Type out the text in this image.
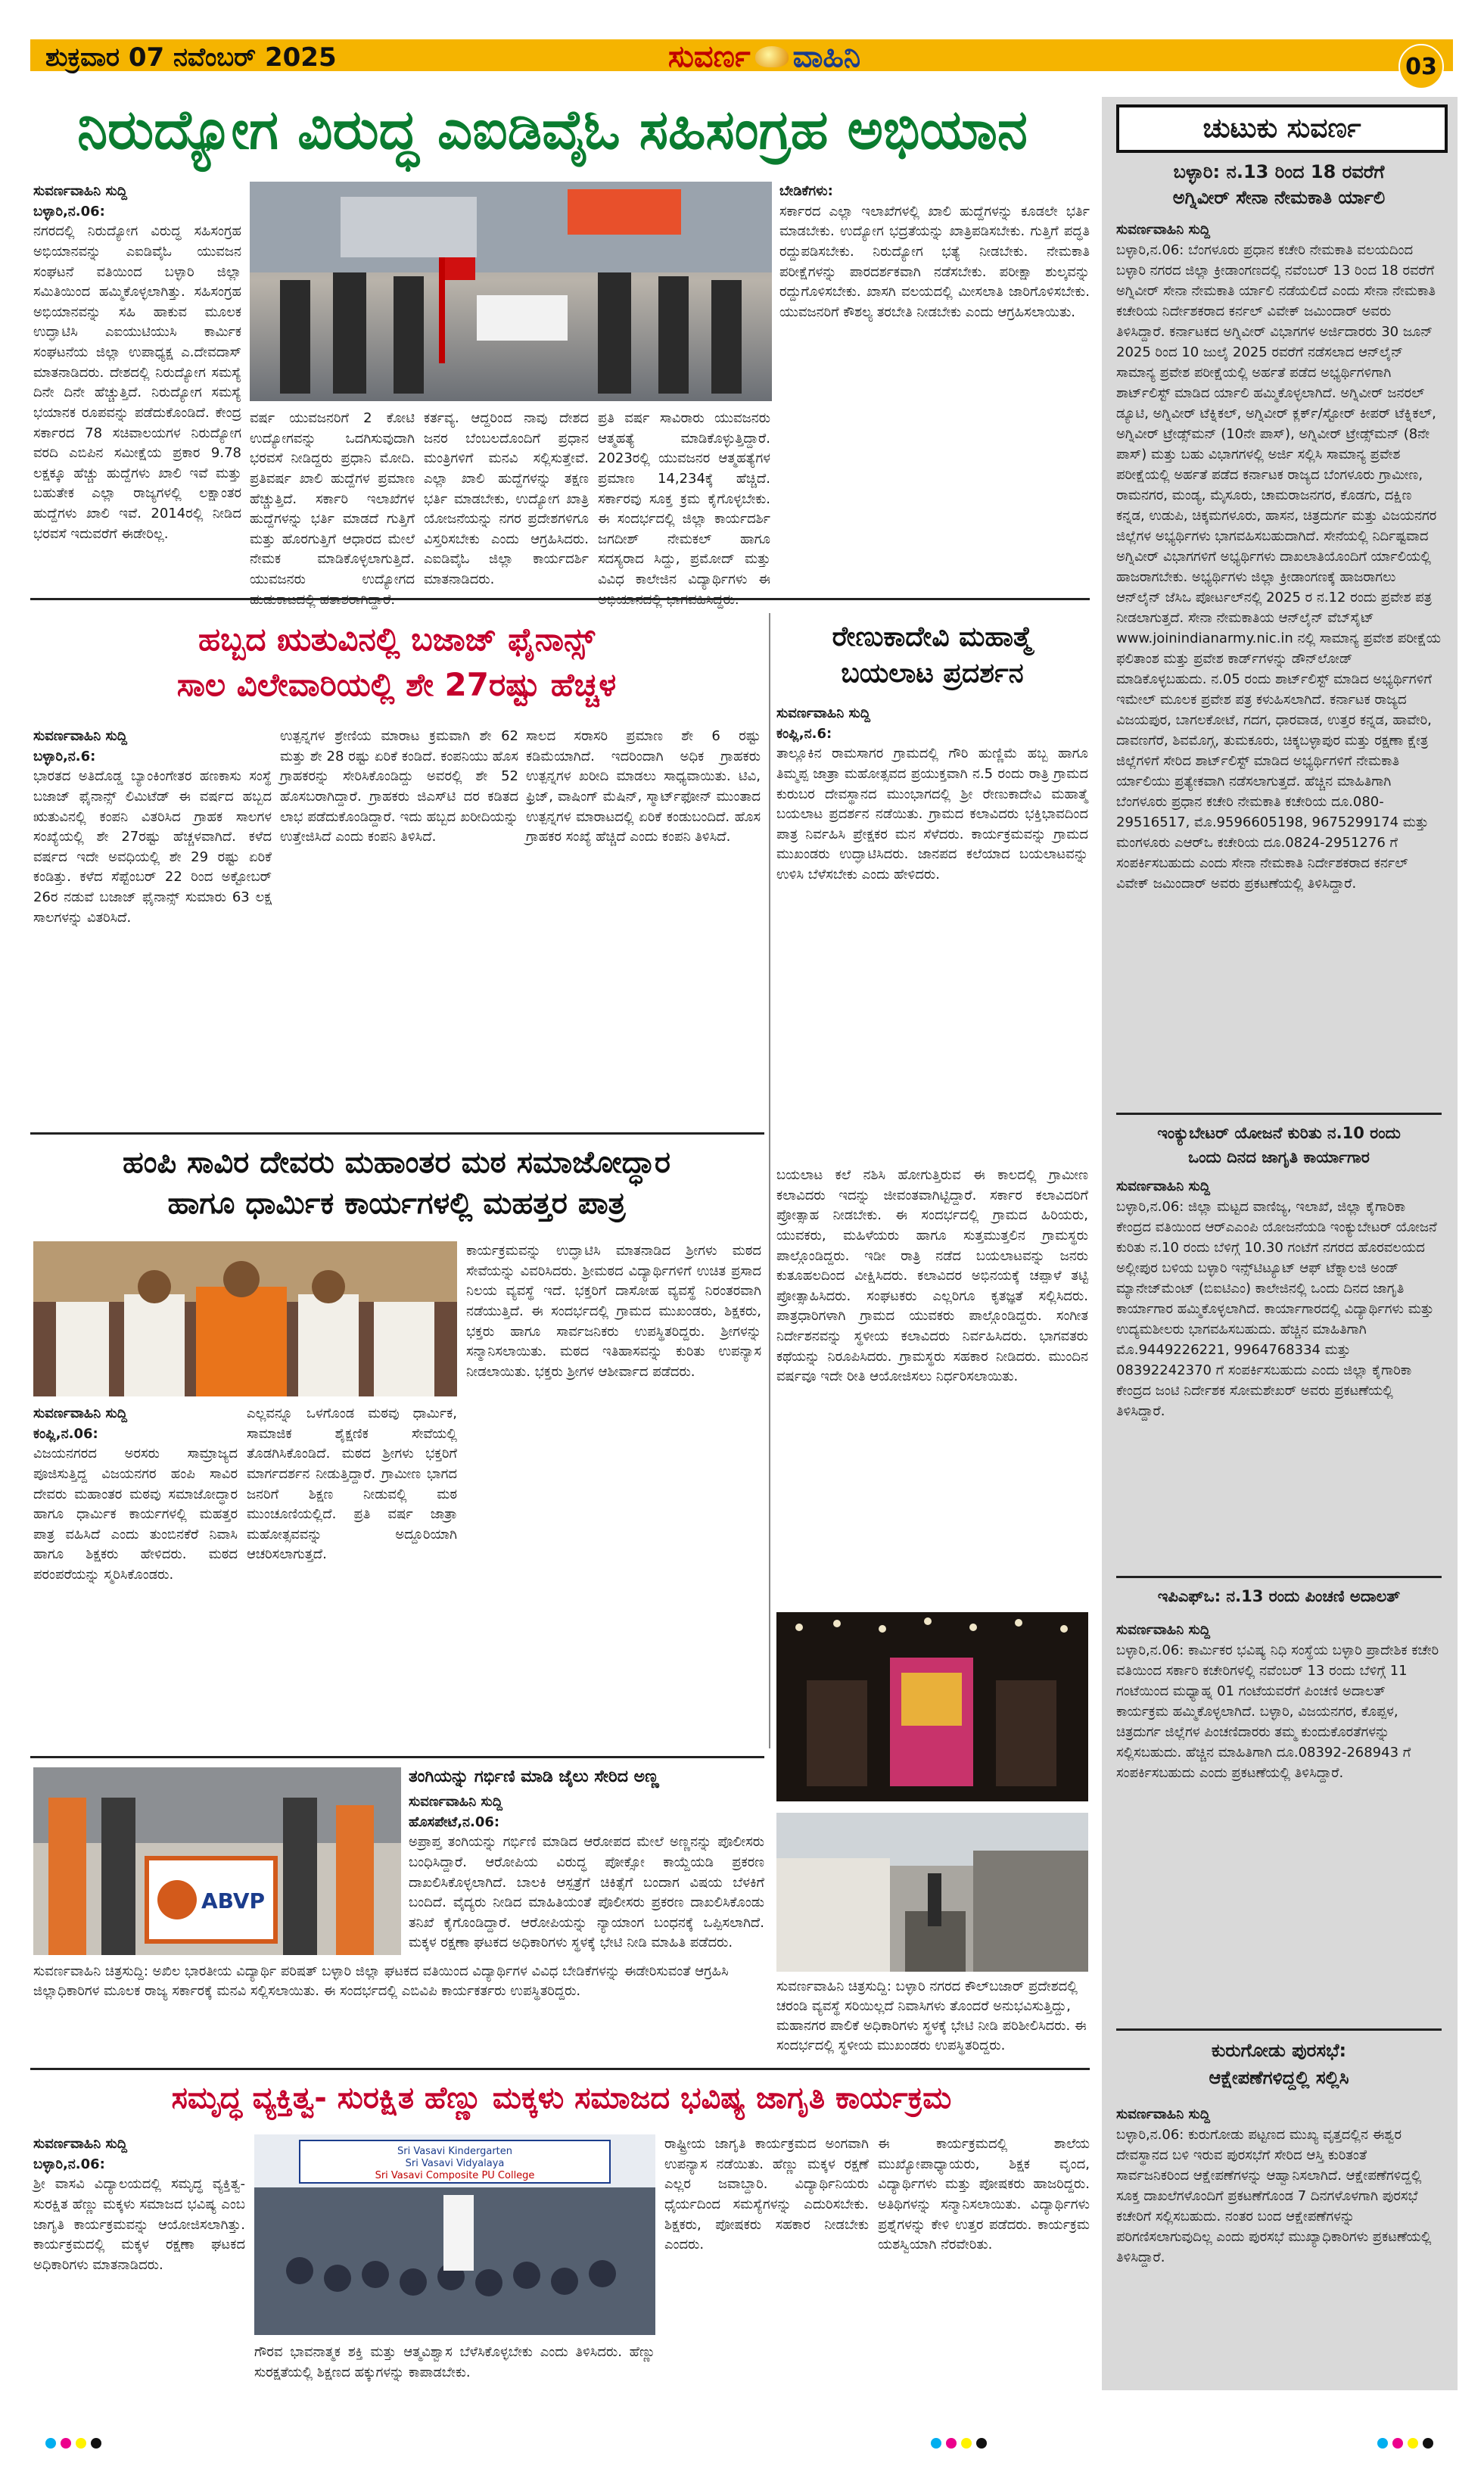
ಶುಕ್ರವಾರ 07 ನವೆಂಬರ್ 2025	ಸುವರ್ಣ ವಾಹಿನಿ	03
ನಿರುದ್ಯೋಗ ವಿರುದ್ಧ ಎಐಡಿವೈಓ ಸಹಿಸಂಗ್ರಹ ಅಭಿಯಾನ
ಸುವರ್ಣವಾಹಿನಿ ಸುದ್ದಿ
ಬಳ್ಳಾರಿ,ನ.06:
ನಗರದಲ್ಲಿ ನಿರುದ್ಯೋಗ ವಿರುದ್ಧ ಸಹಿಸಂಗ್ರಹ ಅಭಿಯಾನವನ್ನು ಎಐಡಿವೈಓ ಯುವಜನ ಸಂಘಟನೆ ವತಿಯಿಂದ ಬಳ್ಳಾರಿ ಜಿಲ್ಲಾ ಸಮಿತಿಯಿಂದ ಹಮ್ಮಿಕೊಳ್ಳಲಾಗಿತ್ತು. ಸಹಿಸಂಗ್ರಹ ಅಭಿಯಾನವನ್ನು ಸಹಿ ಹಾಕುವ ಮೂಲಕ ಉದ್ಘಾಟಿಸಿ ಎಐಯುಟಿಯುಸಿ ಕಾರ್ಮಿಕ ಸಂಘಟನೆಯ ಜಿಲ್ಲಾ ಉಪಾಧ್ಯಕ್ಷ ಎ.ದೇವದಾಸ್ ಮಾತನಾಡಿದರು. ದೇಶದಲ್ಲಿ ನಿರುದ್ಯೋಗ ಸಮಸ್ಯೆ ದಿನೇ ದಿನೇ ಹೆಚ್ಚುತ್ತಿದೆ. ನಿರುದ್ಯೋಗ ಸಮಸ್ಯೆ ಭಯಾನಕ ರೂಪವನ್ನು ಪಡೆದುಕೊಂಡಿದೆ. ಕೇಂದ್ರ ಸರ್ಕಾರದ 78 ಸಚಿವಾಲಯಗಳ ನಿರುದ್ಯೋಗ ವರದಿ ಎಬಿಪಿನ ಸಮೀಕ್ಷೆಯ ಪ್ರಕಾರ 9.78 ಲಕ್ಷಕ್ಕೂ ಹೆಚ್ಚು ಹುದ್ದೆಗಳು ಖಾಲಿ ಇವೆ ಮತ್ತು ಬಹುತೇಕ ಎಲ್ಲಾ ರಾಜ್ಯಗಳಲ್ಲಿ ಲಕ್ಷಾಂತರ ಹುದ್ದೆಗಳು ಖಾಲಿ ಇವೆ. 2014ರಲ್ಲಿ ನೀಡಿದ ಭರವಸೆ ಇದುವರೆಗೆ ಈಡೇರಿಲ್ಲ.
ವರ್ಷ ಯುವಜನರಿಗೆ 2 ಕೋಟಿ ಉದ್ಯೋಗವನ್ನು ಒದಗಿಸುವುದಾಗಿ ಭರವಸೆ ನೀಡಿದ್ದರು ಪ್ರಧಾನಿ ಮೋದಿ. ಪ್ರತಿವರ್ಷ ಖಾಲಿ ಹುದ್ದೆಗಳ ಪ್ರಮಾಣ ಹೆಚ್ಚುತ್ತಿದೆ. ಸರ್ಕಾರಿ ಇಲಾಖೆಗಳ ಹುದ್ದೆಗಳನ್ನು ಭರ್ತಿ ಮಾಡದೆ ಗುತ್ತಿಗೆ ಮತ್ತು ಹೊರಗುತ್ತಿಗೆ ಆಧಾರದ ಮೇಲೆ ನೇಮಕ ಮಾಡಿಕೊಳ್ಳಲಾಗುತ್ತಿದೆ. ಯುವಜನರು ಉದ್ಯೋಗದ
ಕರ್ತವ್ಯ. ಆದ್ದರಿಂದ ನಾವು ದೇಶದ ಜನರ ಬೆಂಬಲದೊಂದಿಗೆ ಪ್ರಧಾನ ಮಂತ್ರಿಗಳಿಗೆ ಮನವಿ ಸಲ್ಲಿಸುತ್ತೇವೆ. ಎಲ್ಲಾ ಖಾಲಿ ಹುದ್ದೆಗಳನ್ನು ತಕ್ಷಣ ಭರ್ತಿ ಮಾಡಬೇಕು, ಉದ್ಯೋಗ ಖಾತ್ರಿ ಯೋಜನೆಯನ್ನು ನಗರ ಪ್ರದೇಶಗಳಿಗೂ ವಿಸ್ತರಿಸಬೇಕು ಎಂದು ಆಗ್ರಹಿಸಿದರು. ಎಐಡಿವೈಓ ಜಿಲ್ಲಾ ಕಾರ್ಯದರ್ಶಿ ಮಾತನಾಡಿದರು.
ಪ್ರತಿ ವರ್ಷ ಸಾವಿರಾರು ಯುವಜನರು ಆತ್ಮಹತ್ಯೆ ಮಾಡಿಕೊಳ್ಳುತ್ತಿದ್ದಾರೆ. 2023ರಲ್ಲಿ ಯುವಜನರ ಆತ್ಮಹತ್ಯೆಗಳ ಪ್ರಮಾಣ 14,234ಕ್ಕೆ ಹೆಚ್ಚಿದೆ. ಸರ್ಕಾರವು ಸೂಕ್ತ ಕ್ರಮ ಕೈಗೊಳ್ಳಬೇಕು. ಈ ಸಂದರ್ಭದಲ್ಲಿ ಜಿಲ್ಲಾ ಕಾರ್ಯದರ್ಶಿ ಜಗದೀಶ್ ನೇಮಕಲ್ ಹಾಗೂ ಸದಸ್ಯರಾದ ಸಿದ್ದು, ಪ್ರಮೋದ್ ಮತ್ತು ವಿವಿಧ ಕಾಲೇಜಿನ ವಿದ್ಯಾರ್ಥಿಗಳು ಈ
ಬೇಡಿಕೆಗಳು:
ಸರ್ಕಾರದ ಎಲ್ಲಾ ಇಲಾಖೆಗಳಲ್ಲಿ ಖಾಲಿ ಹುದ್ದೆಗಳನ್ನು ಕೂಡಲೇ ಭರ್ತಿ ಮಾಡಬೇಕು. ಉದ್ಯೋಗ ಭದ್ರತೆಯನ್ನು ಖಾತ್ರಿಪಡಿಸಬೇಕು. ಗುತ್ತಿಗೆ ಪದ್ಧತಿ ರದ್ದುಪಡಿಸಬೇಕು. ನಿರುದ್ಯೋಗ ಭತ್ಯೆ ನೀಡಬೇಕು. ನೇಮಕಾತಿ ಪರೀಕ್ಷೆಗಳನ್ನು ಪಾರದರ್ಶಕವಾಗಿ ನಡೆಸಬೇಕು. ಪರೀಕ್ಷಾ ಶುಲ್ಕವನ್ನು ರದ್ದುಗೊಳಿಸಬೇಕು. ಖಾಸಗಿ ವಲಯದಲ್ಲಿ ಮೀಸಲಾತಿ ಜಾರಿಗೊಳಿಸಬೇಕು. ಯುವಜನರಿಗೆ ಕೌಶಲ್ಯ ತರಬೇತಿ ನೀಡಬೇಕು ಎಂದು ಆಗ್ರಹಿಸಲಾಯಿತು.
ಹಬ್ಬದ ಋತುವಿನಲ್ಲಿ ಬಜಾಜ್ ಫೈನಾನ್ಸ್
ಸಾಲ ವಿಲೇವಾರಿಯಲ್ಲಿ ಶೇ 27ರಷ್ಟು ಹೆಚ್ಚಳ
ಸುವರ್ಣವಾಹಿನಿ ಸುದ್ದಿ
ಬಳ್ಳಾರಿ,ನ.6:
ಭಾರತದ ಅತಿದೊಡ್ಡ ಬ್ಯಾಂಕಿಂಗೇತರ ಹಣಕಾಸು ಸಂಸ್ಥೆ ಬಜಾಜ್ ಫೈನಾನ್ಸ್ ಲಿಮಿಟೆಡ್ ಈ ವರ್ಷದ ಹಬ್ಬದ ಋತುವಿನಲ್ಲಿ ಕಂಪನಿ ವಿತರಿಸಿದ ಗ್ರಾಹಕ ಸಾಲಗಳ ಸಂಖ್ಯೆಯಲ್ಲಿ ಶೇ 27ರಷ್ಟು ಹೆಚ್ಚಳವಾಗಿದೆ. ಕಳೆದ ವರ್ಷದ ಇದೇ ಅವಧಿಯಲ್ಲಿ ಶೇ 29 ರಷ್ಟು ಏರಿಕೆ ಕಂಡಿತ್ತು. ಕಳೆದ ಸೆಪ್ಟೆಂಬರ್ 22 ರಿಂದ ಅಕ್ಟೋಬರ್ 26ರ ನಡುವೆ ಬಜಾಜ್ ಫೈನಾನ್ಸ್ ಸುಮಾರು 63 ಲಕ್ಷ ಸಾಲಗಳನ್ನು ವಿತರಿಸಿದೆ.
ಉತ್ಪನ್ನಗಳ ಶ್ರೇಣಿಯ ಮಾರಾಟ ಕ್ರಮವಾಗಿ ಶೇ 62 ಮತ್ತು ಶೇ 28 ರಷ್ಟು ಏರಿಕೆ ಕಂಡಿದೆ. ಕಂಪನಿಯು ಹೊಸ ಗ್ರಾಹಕರನ್ನು ಸೇರಿಸಿಕೊಂಡಿದ್ದು ಅವರಲ್ಲಿ ಶೇ 52 ಹೊಸಬರಾಗಿದ್ದಾರೆ. ಗ್ರಾಹಕರು ಜಿಎಸ್‌ಟಿ ದರ ಕಡಿತದ ಲಾಭ ಪಡೆದುಕೊಂಡಿದ್ದಾರೆ. ಇದು ಹಬ್ಬದ ಖರೀದಿಯನ್ನು ಉತ್ತೇಜಿಸಿದೆ ಎಂದು ಕಂಪನಿ ತಿಳಿಸಿದೆ.
ಸಾಲದ ಸರಾಸರಿ ಪ್ರಮಾಣ ಶೇ 6 ರಷ್ಟು ಕಡಿಮೆಯಾಗಿದೆ. ಇದರಿಂದಾಗಿ ಅಧಿಕ ಗ್ರಾಹಕರು ಉತ್ಪನ್ನಗಳ ಖರೀದಿ ಮಾಡಲು ಸಾಧ್ಯವಾಯಿತು. ಟಿವಿ, ಫ್ರಿಜ್, ವಾಷಿಂಗ್ ಮೆಷಿನ್, ಸ್ಮಾರ್ಟ್‌ಫೋನ್ ಮುಂತಾದ ಉತ್ಪನ್ನಗಳ ಮಾರಾಟದಲ್ಲಿ ಏರಿಕೆ ಕಂಡುಬಂದಿದೆ. ಹೊಸ ಗ್ರಾಹಕರ ಸಂಖ್ಯೆ ಹೆಚ್ಚಿದೆ ಎಂದು ಕಂಪನಿ ತಿಳಿಸಿದೆ.
ರೇಣುಕಾದೇವಿ ಮಹಾತ್ಮೆ
ಬಯಲಾಟ ಪ್ರದರ್ಶನ
ಸುವರ್ಣವಾಹಿನಿ ಸುದ್ದಿ
ಕಂಪ್ಲಿ,ನ.6:
ತಾಲ್ಲೂಕಿನ ರಾಮಸಾಗರ ಗ್ರಾಮದಲ್ಲಿ ಗೌರಿ ಹುಣ್ಣಿಮೆ ಹಬ್ಬ ಹಾಗೂ ತಿಮ್ಮಪ್ಪ ಜಾತ್ರಾ ಮಹೋತ್ಸವದ ಪ್ರಯುಕ್ತವಾಗಿ ನ.5 ರಂದು ರಾತ್ರಿ ಗ್ರಾಮದ ಕುರುಬರ ದೇವಸ್ಥಾನದ ಮುಂಭಾಗದಲ್ಲಿ ಶ್ರೀ ರೇಣುಕಾದೇವಿ ಮಹಾತ್ಮೆ ಬಯಲಾಟ ಪ್ರದರ್ಶನ ನಡೆಯಿತು. ಗ್ರಾಮದ ಕಲಾವಿದರು ಭಕ್ತಿಭಾವದಿಂದ ಪಾತ್ರ ನಿರ್ವಹಿಸಿ ಪ್ರೇಕ್ಷಕರ ಮನ ಸೆಳೆದರು. ಕಾರ್ಯಕ್ರಮವನ್ನು ಗ್ರಾಮದ ಮುಖಂಡರು ಉದ್ಘಾಟಿಸಿದರು. ಜಾನಪದ ಕಲೆಯಾದ ಬಯಲಾಟವನ್ನು ಉಳಿಸಿ ಬೆಳೆಸಬೇಕು ಎಂದು ಹೇಳಿದರು.
ಬಯಲಾಟ ಕಲೆ ನಶಿಸಿ ಹೋಗುತ್ತಿರುವ ಈ ಕಾಲದಲ್ಲಿ ಗ್ರಾಮೀಣ ಕಲಾವಿದರು ಇದನ್ನು ಜೀವಂತವಾಗಿಟ್ಟಿದ್ದಾರೆ. ಸರ್ಕಾರ ಕಲಾವಿದರಿಗೆ ಪ್ರೋತ್ಸಾಹ ನೀಡಬೇಕು. ಈ ಸಂದರ್ಭದಲ್ಲಿ ಗ್ರಾಮದ ಹಿರಿಯರು, ಯುವಕರು, ಮಹಿಳೆಯರು ಹಾಗೂ ಸುತ್ತಮುತ್ತಲಿನ ಗ್ರಾಮಸ್ಥರು ಪಾಲ್ಗೊಂಡಿದ್ದರು. ಇಡೀ ರಾತ್ರಿ ನಡೆದ ಬಯಲಾಟವನ್ನು ಜನರು ಕುತೂಹಲದಿಂದ ವೀಕ್ಷಿಸಿದರು. ಕಲಾವಿದರ ಅಭಿನಯಕ್ಕೆ ಚಪ್ಪಾಳೆ ತಟ್ಟಿ ಪ್ರೋತ್ಸಾಹಿಸಿದರು. ಸಂಘಟಕರು ಎಲ್ಲರಿಗೂ ಕೃತಜ್ಞತೆ ಸಲ್ಲಿಸಿದರು. ಪಾತ್ರಧಾರಿಗಳಾಗಿ ಗ್ರಾಮದ ಯುವಕರು ಪಾಲ್ಗೊಂಡಿದ್ದರು. ಸಂಗೀತ ನಿರ್ದೇಶನವನ್ನು ಸ್ಥಳೀಯ ಕಲಾವಿದರು ನಿರ್ವಹಿಸಿದರು. ಭಾಗವತರು ಕಥೆಯನ್ನು ನಿರೂಪಿಸಿದರು. ಗ್ರಾಮಸ್ಥರು ಸಹಕಾರ ನೀಡಿದರು. ಮುಂದಿನ ವರ್ಷವೂ ಇದೇ ರೀತಿ ಆಯೋಜಿಸಲು ನಿರ್ಧರಿಸಲಾಯಿತು.
ಹಂಪಿ ಸಾವಿರ ದೇವರು ಮಹಾಂತರ ಮಠ ಸಮಾಜೋದ್ಧಾರ
ಹಾಗೂ ಧಾರ್ಮಿಕ ಕಾರ್ಯಗಳಲ್ಲಿ ಮಹತ್ತರ ಪಾತ್ರ
ಸುವರ್ಣವಾಹಿನಿ ಸುದ್ದಿ
ಕಂಪ್ಲಿ,ನ.06:
ವಿಜಯನಗರದ ಅರಸರು ಸಾಮ್ರಾಜ್ಯದ ಪೂಜಿಸುತ್ತಿದ್ದ ವಿಜಯನಗರ ಹಂಪಿ ಸಾವಿರ ದೇವರು ಮಹಾಂತರ ಮಠವು ಸಮಾಜೋದ್ಧಾರ ಹಾಗೂ ಧಾರ್ಮಿಕ ಕಾರ್ಯಗಳಲ್ಲಿ ಮಹತ್ತರ ಪಾತ್ರ ವಹಿಸಿದೆ ಎಂದು ತುಂಬಿನಕೆರೆ ನಿವಾಸಿ ಹಾಗೂ ಶಿಕ್ಷಕರು ಹೇಳಿದರು. ಮಠದ ಪರಂಪರೆಯನ್ನು ಸ್ಮರಿಸಿಕೊಂಡರು.
ಎಲ್ಲವನ್ನೂ ಒಳಗೊಂಡ ಮಠವು ಧಾರ್ಮಿಕ, ಸಾಮಾಜಿಕ ಶೈಕ್ಷಣಿಕ ಸೇವೆಯಲ್ಲಿ ತೊಡಗಿಸಿಕೊಂಡಿದೆ. ಮಠದ ಶ್ರೀಗಳು ಭಕ್ತರಿಗೆ ಮಾರ್ಗದರ್ಶನ ನೀಡುತ್ತಿದ್ದಾರೆ. ಗ್ರಾಮೀಣ ಭಾಗದ ಜನರಿಗೆ ಶಿಕ್ಷಣ ನೀಡುವಲ್ಲಿ ಮಠ ಮುಂಚೂಣಿಯಲ್ಲಿದೆ. ಪ್ರತಿ ವರ್ಷ ಜಾತ್ರಾ ಮಹೋತ್ಸವವನ್ನು ಅದ್ದೂರಿಯಾಗಿ ಆಚರಿಸಲಾಗುತ್ತದೆ.
ಕಾರ್ಯಕ್ರಮವನ್ನು ಉದ್ಘಾಟಿಸಿ ಮಾತನಾಡಿದ ಶ್ರೀಗಳು ಮಠದ ಸೇವೆಯನ್ನು ವಿವರಿಸಿದರು. ಶ್ರೀಮಠದ ವಿದ್ಯಾರ್ಥಿಗಳಿಗೆ ಉಚಿತ ಪ್ರಸಾದ ನಿಲಯ ವ್ಯವಸ್ಥೆ ಇದೆ. ಭಕ್ತರಿಗೆ ದಾಸೋಹ ವ್ಯವಸ್ಥೆ ನಿರಂತರವಾಗಿ ನಡೆಯುತ್ತಿದೆ. ಈ ಸಂದರ್ಭದಲ್ಲಿ ಗ್ರಾಮದ ಮುಖಂಡರು, ಶಿಕ್ಷಕರು, ಭಕ್ತರು ಹಾಗೂ ಸಾರ್ವಜನಿಕರು ಉಪಸ್ಥಿತರಿದ್ದರು. ಶ್ರೀಗಳನ್ನು ಸನ್ಮಾನಿಸಲಾಯಿತು. ಮಠದ ಇತಿಹಾಸವನ್ನು ಕುರಿತು ಉಪನ್ಯಾಸ ನೀಡಲಾಯಿತು. ಭಕ್ತರು ಶ್ರೀಗಳ ಆಶೀರ್ವಾದ ಪಡೆದರು.
ಸುವರ್ಣವಾಹಿನಿ ಚಿತ್ರಸುದ್ದಿ: ಬಳ್ಳಾರಿ ನಗರದ ಕೌಲ್‌ಬಜಾರ್ ಪ್ರದೇಶದಲ್ಲಿ ಚರಂಡಿ ವ್ಯವಸ್ಥೆ ಸರಿಯಿಲ್ಲದೆ ನಿವಾಸಿಗಳು ತೊಂದರೆ ಅನುಭವಿಸುತ್ತಿದ್ದು, ಮಹಾನಗರ ಪಾಲಿಕೆ ಅಧಿಕಾರಿಗಳು ಸ್ಥಳಕ್ಕೆ ಭೇಟಿ ನೀಡಿ ಪರಿಶೀಲಿಸಿದರು. ಈ ಸಂದರ್ಭದಲ್ಲಿ ಸ್ಥಳೀಯ ಮುಖಂಡರು ಉಪಸ್ಥಿತರಿದ್ದರು.
ABVP
ಸುವರ್ಣವಾಹಿನಿ ಚಿತ್ರಸುದ್ದಿ: ಅಖಿಲ ಭಾರತೀಯ ವಿದ್ಯಾರ್ಥಿ ಪರಿಷತ್ ಬಳ್ಳಾರಿ ಜಿಲ್ಲಾ ಘಟಕದ ವತಿಯಿಂದ ವಿದ್ಯಾರ್ಥಿಗಳ ವಿವಿಧ ಬೇಡಿಕೆಗಳನ್ನು ಈಡೇರಿಸುವಂತೆ ಆಗ್ರಹಿಸಿ ಜಿಲ್ಲಾಧಿಕಾರಿಗಳ ಮೂಲಕ ರಾಜ್ಯ ಸರ್ಕಾರಕ್ಕೆ ಮನವಿ ಸಲ್ಲಿಸಲಾಯಿತು. ಈ ಸಂದರ್ಭದಲ್ಲಿ ಎಬಿವಿಪಿ ಕಾರ್ಯಕರ್ತರು ಉಪಸ್ಥಿತರಿದ್ದರು.
ತಂಗಿಯನ್ನು ಗರ್ಭಿಣಿ ಮಾಡಿ ಜೈಲು ಸೇರಿದ ಅಣ್ಣ
ಸುವರ್ಣವಾಹಿನಿ ಸುದ್ದಿ
ಹೊಸಪೇಟೆ,ನ.06:
ಅಪ್ರಾಪ್ತ ತಂಗಿಯನ್ನು ಗರ್ಭಿಣಿ ಮಾಡಿದ ಆರೋಪದ ಮೇಲೆ ಅಣ್ಣನನ್ನು ಪೊಲೀಸರು ಬಂಧಿಸಿದ್ದಾರೆ. ಆರೋಪಿಯ ವಿರುದ್ಧ ಪೋಕ್ಸೋ ಕಾಯ್ದೆಯಡಿ ಪ್ರಕರಣ ದಾಖಲಿಸಿಕೊಳ್ಳಲಾಗಿದೆ. ಬಾಲಕಿ ಆಸ್ಪತ್ರೆಗೆ ಚಿಕಿತ್ಸೆಗೆ ಬಂದಾಗ ವಿಷಯ ಬೆಳಕಿಗೆ ಬಂದಿದೆ. ವೈದ್ಯರು ನೀಡಿದ ಮಾಹಿತಿಯಂತೆ ಪೊಲೀಸರು ಪ್ರಕರಣ ದಾಖಲಿಸಿಕೊಂಡು ತನಿಖೆ ಕೈಗೊಂಡಿದ್ದಾರೆ. ಆರೋಪಿಯನ್ನು ನ್ಯಾಯಾಂಗ ಬಂಧನಕ್ಕೆ ಒಪ್ಪಿಸಲಾಗಿದೆ. ಮಕ್ಕಳ ರಕ್ಷಣಾ ಘಟಕದ ಅಧಿಕಾರಿಗಳು ಸ್ಥಳಕ್ಕೆ ಭೇಟಿ ನೀಡಿ ಮಾಹಿತಿ ಪಡೆದರು.
ಸಮೃದ್ಧ ವ್ಯಕ್ತಿತ್ವ- ಸುರಕ್ಷಿತ ಹೆಣ್ಣು ಮಕ್ಕಳು ಸಮಾಜದ ಭವಿಷ್ಯ ಜಾಗೃತಿ ಕಾರ್ಯಕ್ರಮ
ಸುವರ್ಣವಾಹಿನಿ ಸುದ್ದಿ
ಬಳ್ಳಾರಿ,ನ.06:
ಶ್ರೀ ವಾಸವಿ ವಿದ್ಯಾಲಯದಲ್ಲಿ ಸಮೃದ್ಧ ವ್ಯಕ್ತಿತ್ವ-ಸುರಕ್ಷಿತ ಹೆಣ್ಣು ಮಕ್ಕಳು ಸಮಾಜದ ಭವಿಷ್ಯ ಎಂಬ ಜಾಗೃತಿ ಕಾರ್ಯಕ್ರಮವನ್ನು ಆಯೋಜಿಸಲಾಗಿತ್ತು. ಕಾರ್ಯಕ್ರಮದಲ್ಲಿ ಮಕ್ಕಳ ರಕ್ಷಣಾ ಘಟಕದ ಅಧಿಕಾರಿಗಳು ಮಾತನಾಡಿದರು.
Sri Vasavi Kindergarten
Sri Vasavi Vidyalaya
Sri Vasavi Composite PU College
ಗೌರವ ಭಾವನಾತ್ಮಕ ಶಕ್ತಿ ಮತ್ತು ಆತ್ಮವಿಶ್ವಾಸ ಬೆಳೆಸಿಕೊಳ್ಳಬೇಕು ಎಂದು ತಿಳಿಸಿದರು. ಹೆಣ್ಣು ಸುರಕ್ಷತೆಯಲ್ಲಿ ಶಿಕ್ಷಣದ ಹಕ್ಕುಗಳನ್ನು ಕಾಪಾಡಬೇಕು.
ರಾಷ್ಟ್ರೀಯ ಜಾಗೃತಿ ಕಾರ್ಯಕ್ರಮದ ಅಂಗವಾಗಿ ಉಪನ್ಯಾಸ ನಡೆಯಿತು. ಹೆಣ್ಣು ಮಕ್ಕಳ ರಕ್ಷಣೆ ಎಲ್ಲರ ಜವಾಬ್ದಾರಿ. ವಿದ್ಯಾರ್ಥಿನಿಯರು ಧೈರ್ಯದಿಂದ ಸಮಸ್ಯೆಗಳನ್ನು ಎದುರಿಸಬೇಕು. ಶಿಕ್ಷಕರು, ಪೋಷಕರು ಸಹಕಾರ ನೀಡಬೇಕು ಎಂದರು.
ಈ ಕಾರ್ಯಕ್ರಮದಲ್ಲಿ ಶಾಲೆಯ ಮುಖ್ಯೋಪಾಧ್ಯಾಯರು, ಶಿಕ್ಷಕ ವೃಂದ, ವಿದ್ಯಾರ್ಥಿಗಳು ಮತ್ತು ಪೋಷಕರು ಹಾಜರಿದ್ದರು. ಅತಿಥಿಗಳನ್ನು ಸನ್ಮಾನಿಸಲಾಯಿತು. ವಿದ್ಯಾರ್ಥಿಗಳು ಪ್ರಶ್ನೆಗಳನ್ನು ಕೇಳಿ ಉತ್ತರ ಪಡೆದರು. ಕಾರ್ಯಕ್ರಮ ಯಶಸ್ವಿಯಾಗಿ ನೆರವೇರಿತು.
ಚುಟುಕು ಸುವರ್ಣ
ಬಳ್ಳಾರಿ: ನ.13 ರಿಂದ 18 ರವರೆಗೆ
ಅಗ್ನಿವೀರ್ ಸೇನಾ ನೇಮಕಾತಿ ರ್ಯಾಲಿ
ಸುವರ್ಣವಾಹಿನಿ ಸುದ್ದಿ
ಬಳ್ಳಾರಿ,ನ.06: ಬೆಂಗಳೂರು ಪ್ರಧಾನ ಕಚೇರಿ ನೇಮಕಾತಿ ವಲಯದಿಂದ ಬಳ್ಳಾರಿ ನಗರದ ಜಿಲ್ಲಾ ಕ್ರೀಡಾಂಗಣದಲ್ಲಿ ನವೆಂಬರ್ 13 ರಿಂದ 18 ರವರೆಗೆ ಅಗ್ನಿವೀರ್ ಸೇನಾ ನೇಮಕಾತಿ ರ್ಯಾಲಿ ನಡೆಯಲಿದೆ ಎಂದು ಸೇನಾ ನೇಮಕಾತಿ ಕಚೇರಿಯ ನಿರ್ದೇಶಕರಾದ ಕರ್ನಲ್ ವಿವೇಕ್ ಜಮಿಂದಾರ್ ಅವರು ತಿಳಿಸಿದ್ದಾರೆ. ಕರ್ನಾಟಕದ ಅಗ್ನಿವೀರ್ ವಿಭಾಗಗಳ ಅರ್ಜಿದಾರರು 30 ಜೂನ್ 2025 ರಿಂದ 10 ಜುಲೈ 2025 ರವರೆಗೆ ನಡೆಸಲಾದ ಆನ್‌ಲೈನ್ ಸಾಮಾನ್ಯ ಪ್ರವೇಶ ಪರೀಕ್ಷೆಯಲ್ಲಿ ಅರ್ಹತೆ ಪಡೆದ ಅಭ್ಯರ್ಥಿಗಳಿಗಾಗಿ ಶಾರ್ಟ್‌ಲಿಸ್ಟ್ ಮಾಡಿದ ರ್ಯಾಲಿ ಹಮ್ಮಿಕೊಳ್ಳಲಾಗಿದೆ. ಅಗ್ನಿವೀರ್ ಜನರಲ್ ಡ್ಯೂಟಿ, ಅಗ್ನಿವೀರ್ ಟೆಕ್ನಿಕಲ್, ಅಗ್ನಿವೀರ್ ಕ್ಲರ್ಕ್/ಸ್ಟೋರ್ ಕೀಪರ್ ಟೆಕ್ನಿಕಲ್, ಅಗ್ನಿವೀರ್ ಟ್ರೇಡ್ಸ್‌ಮನ್ (10ನೇ ಪಾಸ್), ಅಗ್ನಿವೀರ್ ಟ್ರೇಡ್ಸ್‌ಮನ್ (8ನೇ ಪಾಸ್) ಮತ್ತು ಬಹು ವಿಭಾಗಗಳಲ್ಲಿ ಅರ್ಜಿ ಸಲ್ಲಿಸಿ ಸಾಮಾನ್ಯ ಪ್ರವೇಶ ಪರೀಕ್ಷೆಯಲ್ಲಿ ಅರ್ಹತೆ ಪಡೆದ ಕರ್ನಾಟಕ ರಾಜ್ಯದ ಬೆಂಗಳೂರು ಗ್ರಾಮೀಣ, ರಾಮನಗರ, ಮಂಡ್ಯ, ಮೈಸೂರು, ಚಾಮರಾಜನಗರ, ಕೊಡಗು, ದಕ್ಷಿಣ ಕನ್ನಡ, ಉಡುಪಿ, ಚಿಕ್ಕಮಗಳೂರು, ಹಾಸನ, ಚಿತ್ರದುರ್ಗ ಮತ್ತು ವಿಜಯನಗರ ಜಿಲ್ಲೆಗಳ ಅಭ್ಯರ್ಥಿಗಳು ಭಾಗವಹಿಸಬಹುದಾಗಿದೆ. ಸೇನೆಯಲ್ಲಿ ನಿರ್ದಿಷ್ಟವಾದ ಅಗ್ನಿವೀರ್ ವಿಭಾಗಗಳಿಗೆ ಅಭ್ಯರ್ಥಿಗಳು ದಾಖಲಾತಿಯೊಂದಿಗೆ ರ್ಯಾಲಿಯಲ್ಲಿ ಹಾಜರಾಗಬೇಕು. ಅಭ್ಯರ್ಥಿಗಳು ಜಿಲ್ಲಾ ಕ್ರೀಡಾಂಗಣಕ್ಕೆ ಹಾಜರಾಗಲು ಆನ್‌ಲೈನ್ ಜೆಸಿಒ ಪೋರ್ಟಲ್‌ನಲ್ಲಿ 2025 ರ ನ.12 ರಂದು ಪ್ರವೇಶ ಪತ್ರ ನೀಡಲಾಗುತ್ತದೆ. ಸೇನಾ ನೇಮಕಾತಿಯ ಆನ್‌ಲೈನ್ ವೆಬ್‌ಸೈಟ್ www.joinindianarmy.nic.in ನಲ್ಲಿ ಸಾಮಾನ್ಯ ಪ್ರವೇಶ ಪರೀಕ್ಷೆಯ ಫಲಿತಾಂಶ ಮತ್ತು ಪ್ರವೇಶ ಕಾರ್ಡ್‌ಗಳನ್ನು ಡೌನ್‌ಲೋಡ್ ಮಾಡಿಕೊಳ್ಳಬಹುದು. ನ.05 ರಂದು ಶಾರ್ಟ್‌ಲಿಸ್ಟ್ ಮಾಡಿದ ಅಭ್ಯರ್ಥಿಗಳಿಗೆ ಇಮೇಲ್ ಮೂಲಕ ಪ್ರವೇಶ ಪತ್ರ ಕಳುಹಿಸಲಾಗಿದೆ. ಕರ್ನಾಟಕ ರಾಜ್ಯದ ವಿಜಯಪುರ, ಬಾಗಲಕೋಟೆ, ಗದಗ, ಧಾರವಾಡ, ಉತ್ತರ ಕನ್ನಡ, ಹಾವೇರಿ, ದಾವಣಗೆರೆ, ಶಿವಮೊಗ್ಗ, ತುಮಕೂರು, ಚಿಕ್ಕಬಳ್ಳಾಪುರ ಮತ್ತು ರಕ್ಷಣಾ ಕ್ಷೇತ್ರ ಜಿಲ್ಲೆಗಳಿಗೆ ಸೇರಿದ ಶಾರ್ಟ್‌ಲಿಸ್ಟ್ ಮಾಡಿದ ಅಭ್ಯರ್ಥಿಗಳಿಗೆ ನೇಮಕಾತಿ ರ್ಯಾಲಿಯು ಪ್ರತ್ಯೇಕವಾಗಿ ನಡೆಸಲಾಗುತ್ತದೆ. ಹೆಚ್ಚಿನ ಮಾಹಿತಿಗಾಗಿ ಬೆಂಗಳೂರು ಪ್ರಧಾನ ಕಚೇರಿ ನೇಮಕಾತಿ ಕಚೇರಿಯ ದೂ.080-29516517, ಮೊ.9596605198, 9675299174 ಮತ್ತು ಮಂಗಳೂರು ಎಆರ್‌ಒ ಕಚೇರಿಯ ದೂ.0824-2951276 ಗೆ ಸಂಪರ್ಕಿಸಬಹುದು ಎಂದು ಸೇನಾ ನೇಮಕಾತಿ ನಿರ್ದೇಶಕರಾದ ಕರ್ನಲ್ ವಿವೇಕ್ ಜಮಿಂದಾರ್ ಅವರು ಪ್ರಕಟಣೆಯಲ್ಲಿ ತಿಳಿಸಿದ್ದಾರೆ.
ಇಂಕ್ಯುಬೇಟರ್ ಯೋಜನೆ ಕುರಿತು ನ.10 ರಂದು
ಒಂದು ದಿನದ ಜಾಗೃತಿ ಕಾರ್ಯಾಗಾರ
ಸುವರ್ಣವಾಹಿನಿ ಸುದ್ದಿ
ಬಳ್ಳಾರಿ,ನ.06: ಜಿಲ್ಲಾ ಮಟ್ಟದ ವಾಣಿಜ್ಯ, ಇಲಾಖೆ, ಜಿಲ್ಲಾ ಕೈಗಾರಿಕಾ ಕೇಂದ್ರದ ವತಿಯಿಂದ ಆರ್‌ಎಎಂಪಿ ಯೋಜನೆಯಡಿ ಇಂಕ್ಯುಬೇಟರ್ ಯೋಜನೆ ಕುರಿತು ನ.10 ರಂದು ಬೆಳಿಗ್ಗೆ 10.30 ಗಂಟೆಗೆ ನಗರದ ಹೊರವಲಯದ ಅಲ್ಲೀಪುರ ಬಳಿಯ ಬಳ್ಳಾರಿ ಇನ್ಸ್‌ಟಿಟ್ಯೂಟ್ ಆಫ್ ಟೆಕ್ನಾಲಜಿ ಅಂಡ್ ಮ್ಯಾನೇಜ್‌ಮೆಂಟ್ (ಬಿಐಟಿಎಂ) ಕಾಲೇಜಿನಲ್ಲಿ ಒಂದು ದಿನದ ಜಾಗೃತಿ ಕಾರ್ಯಾಗಾರ ಹಮ್ಮಿಕೊಳ್ಳಲಾಗಿದೆ. ಕಾರ್ಯಾಗಾರದಲ್ಲಿ ವಿದ್ಯಾರ್ಥಿಗಳು ಮತ್ತು ಉದ್ಯಮಶೀಲರು ಭಾಗವಹಿಸಬಹುದು. ಹೆಚ್ಚಿನ ಮಾಹಿತಿಗಾಗಿ ಮೊ.9449226221, 9964768334 ಮತ್ತು 08392242370 ಗೆ ಸಂಪರ್ಕಿಸಬಹುದು ಎಂದು ಜಿಲ್ಲಾ ಕೈಗಾರಿಕಾ ಕೇಂದ್ರದ ಜಂಟಿ ನಿರ್ದೇಶಕ ಸೋಮಶೇಖರ್ ಅವರು ಪ್ರಕಟಣೆಯಲ್ಲಿ ತಿಳಿಸಿದ್ದಾರೆ.
ಇಪಿಎಫ್‌ಒ: ನ.13 ರಂದು ಪಿಂಚಣಿ ಅದಾಲತ್
ಸುವರ್ಣವಾಹಿನಿ ಸುದ್ದಿ
ಬಳ್ಳಾರಿ,ನ.06: ಕಾರ್ಮಿಕರ ಭವಿಷ್ಯ ನಿಧಿ ಸಂಸ್ಥೆಯ ಬಳ್ಳಾರಿ ಪ್ರಾದೇಶಿಕ ಕಚೇರಿ ವತಿಯಿಂದ ಸರ್ಕಾರಿ ಕಚೇರಿಗಳಲ್ಲಿ ನವೆಂಬರ್ 13 ರಂದು ಬೆಳಿಗ್ಗೆ 11 ಗಂಟೆಯಿಂದ ಮಧ್ಯಾಹ್ನ 01 ಗಂಟೆಯವರೆಗೆ ಪಿಂಚಣಿ ಅದಾಲತ್ ಕಾರ್ಯಕ್ರಮ ಹಮ್ಮಿಕೊಳ್ಳಲಾಗಿದೆ. ಬಳ್ಳಾರಿ, ವಿಜಯನಗರ, ಕೊಪ್ಪಳ, ಚಿತ್ರದುರ್ಗ ಜಿಲ್ಲೆಗಳ ಪಿಂಚಣಿದಾರರು ತಮ್ಮ ಕುಂದುಕೊರತೆಗಳನ್ನು ಸಲ್ಲಿಸಬಹುದು. ಹೆಚ್ಚಿನ ಮಾಹಿತಿಗಾಗಿ ದೂ.08392-268943 ಗೆ ಸಂಪರ್ಕಿಸಬಹುದು ಎಂದು ಪ್ರಕಟಣೆಯಲ್ಲಿ ತಿಳಿಸಿದ್ದಾರೆ.
ಕುರುಗೋಡು ಪುರಸಭೆ:
ಆಕ್ಷೇಪಣೆಗಳಿದ್ದಲ್ಲಿ ಸಲ್ಲಿಸಿ
ಸುವರ್ಣವಾಹಿನಿ ಸುದ್ದಿ
ಬಳ್ಳಾರಿ,ನ.06: ಕುರುಗೋಡು ಪಟ್ಟಣದ ಮುಖ್ಯ ವೃತ್ತದಲ್ಲಿನ ಈಶ್ವರ ದೇವಸ್ಥಾನದ ಬಳಿ ಇರುವ ಪುರಸಭೆಗೆ ಸೇರಿದ ಆಸ್ತಿ ಕುರಿತಂತೆ ಸಾರ್ವಜನಿಕರಿಂದ ಆಕ್ಷೇಪಣೆಗಳನ್ನು ಆಹ್ವಾನಿಸಲಾಗಿದೆ. ಆಕ್ಷೇಪಣೆಗಳಿದ್ದಲ್ಲಿ ಸೂಕ್ತ ದಾಖಲೆಗಳೊಂದಿಗೆ ಪ್ರಕಟಣೆಗೊಂಡ 7 ದಿನಗಳೊಳಗಾಗಿ ಪುರಸಭೆ ಕಚೇರಿಗೆ ಸಲ್ಲಿಸಬಹುದು. ನಂತರ ಬಂದ ಆಕ್ಷೇಪಣೆಗಳನ್ನು ಪರಿಗಣಿಸಲಾಗುವುದಿಲ್ಲ ಎಂದು ಪುರಸಭೆ ಮುಖ್ಯಾಧಿಕಾರಿಗಳು ಪ್ರಕಟಣೆಯಲ್ಲಿ ತಿಳಿಸಿದ್ದಾರೆ.
